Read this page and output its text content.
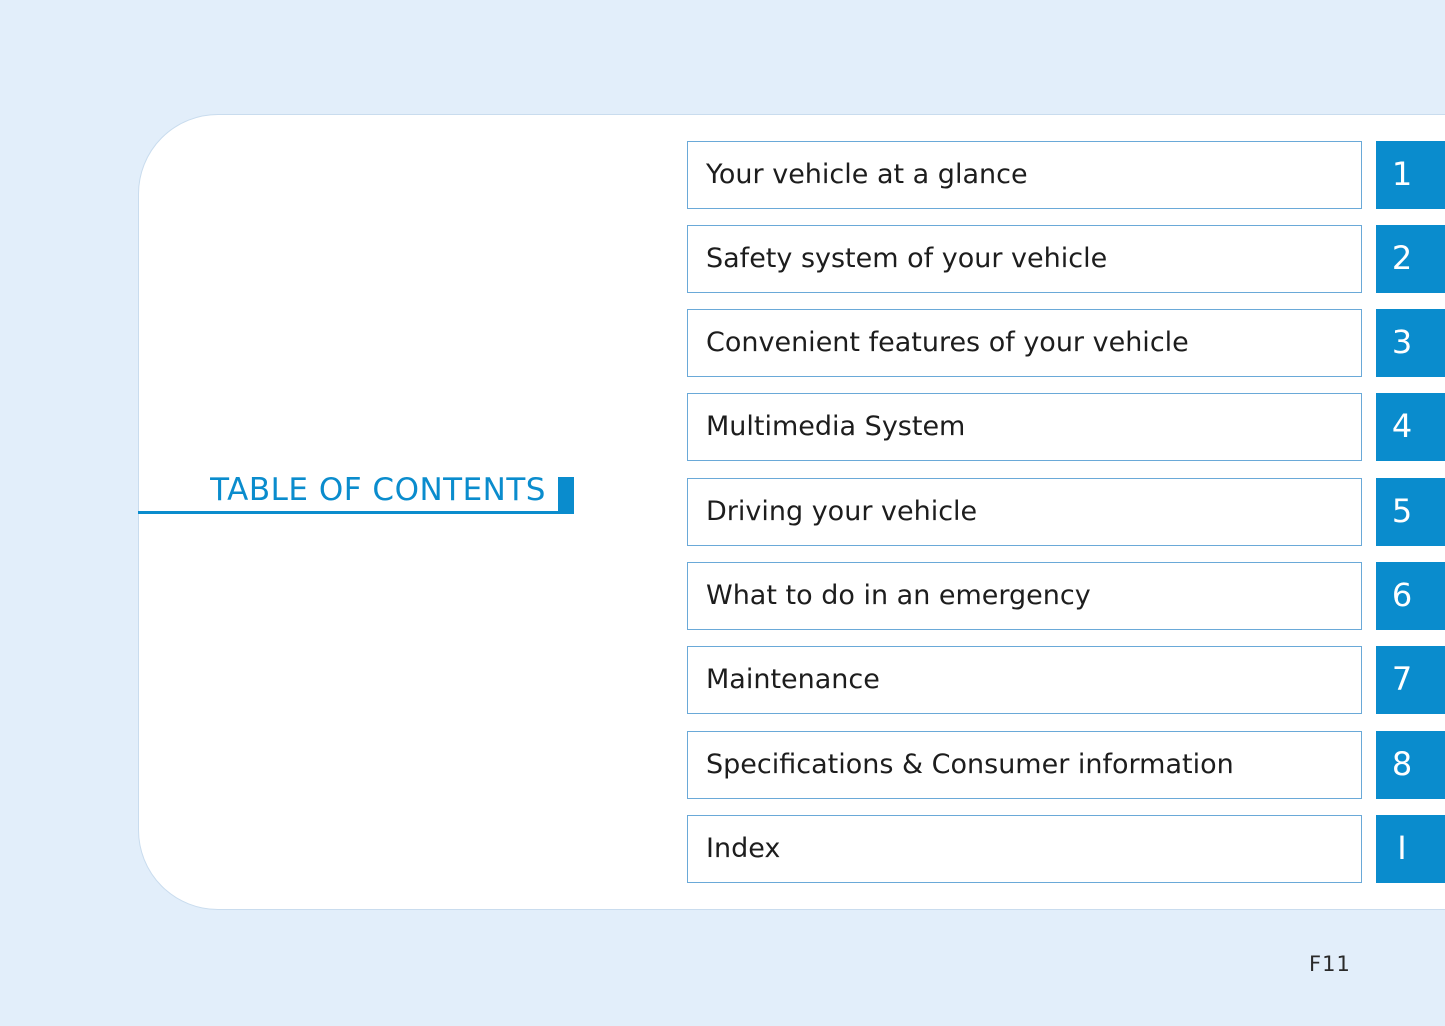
TABLE OF CONTENTS
Your vehicle at a glance	1
Safety system of your vehicle	2
Convenient features of your vehicle	3
Multimedia System	4
Driving your vehicle	5
What to do in an emergency	6
Maintenance	7
Specifications & Consumer information	8
Index	I
F11
